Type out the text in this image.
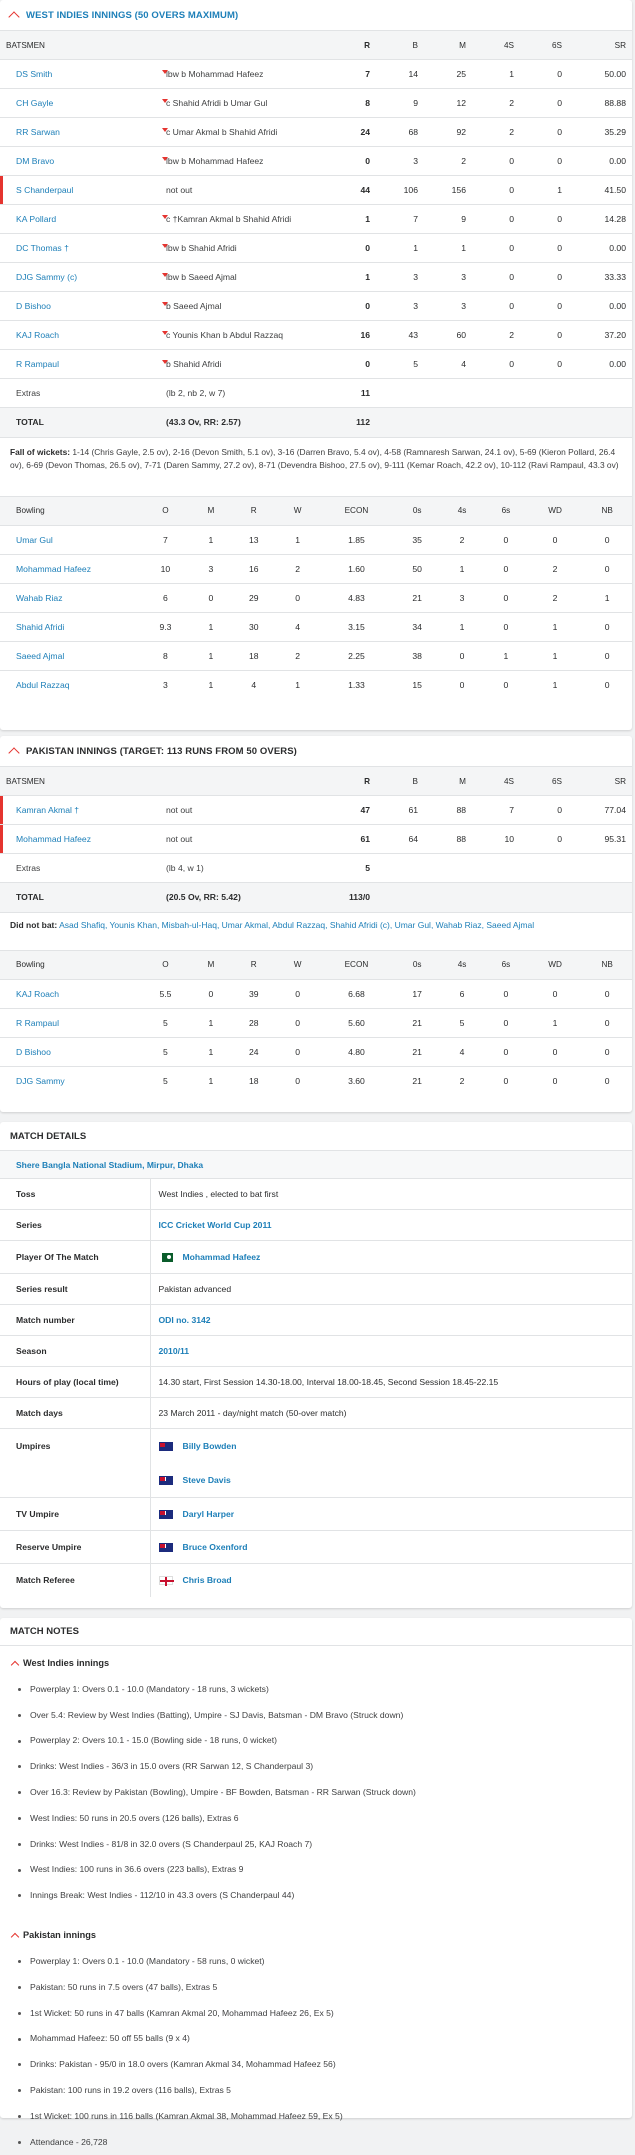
WEST INDIES INNINGS (50 OVERS MAXIMUM)
BATSMEN		R	B	M	4S	6S	SR
DS Smith	lbw b Mohammad Hafeez	7	14	25	1	0	50.00
CH Gayle	c Shahid Afridi b Umar Gul	8	9	12	2	0	88.88
RR Sarwan	c Umar Akmal b Shahid Afridi	24	68	92	2	0	35.29
DM Bravo	lbw b Mohammad Hafeez	0	3	2	0	0	0.00
S Chanderpaul	not out	44	106	156	0	1	41.50
KA Pollard	c †Kamran Akmal b Shahid Afridi	1	7	9	0	0	14.28
DC Thomas †	lbw b Shahid Afridi	0	1	1	0	0	0.00
DJG Sammy (c)	lbw b Saeed Ajmal	1	3	3	0	0	33.33
D Bishoo	b Saeed Ajmal	0	3	3	0	0	0.00
KAJ Roach	c Younis Khan b Abdul Razzaq	16	43	60	2	0	37.20
R Rampaul	b Shahid Afridi	0	5	4	0	0	0.00
Extras	(lb 2, nb 2, w 7)	11					
TOTAL	(43.3 Ov, RR: 2.57)	112					
Fall of wickets: 1-14 (Chris Gayle, 2.5 ov), 2-16 (Devon Smith, 5.1 ov), 3-16 (Darren Bravo, 5.4 ov), 4-58 (Ramnaresh Sarwan, 24.1 ov), 5-69 (Kieron Pollard, 26.4 ov), 6-69 (Devon Thomas, 26.5 ov), 7-71 (Daren Sammy, 27.2 ov), 8-71 (Devendra Bishoo, 27.5 ov), 9-111 (Kemar Roach, 42.2 ov), 10-112 (Ravi Rampaul, 43.3 ov)
Bowling	O	M	R	W	ECON	0s	4s	6s	WD	NB
Umar Gul	7	1	13	1	1.85	35	2	0	0	0
Mohammad Hafeez	10	3	16	2	1.60	50	1	0	2	0
Wahab Riaz	6	0	29	0	4.83	21	3	0	2	1
Shahid Afridi	9.3	1	30	4	3.15	34	1	0	1	0
Saeed Ajmal	8	1	18	2	2.25	38	0	1	1	0
Abdul Razzaq	3	1	4	1	1.33	15	0	0	1	0
PAKISTAN INNINGS (TARGET: 113 RUNS FROM 50 OVERS)
BATSMEN		R	B	M	4S	6S	SR
Kamran Akmal †	not out	47	61	88	7	0	77.04
Mohammad Hafeez	not out	61	64	88	10	0	95.31
Extras	(lb 4, w 1)	5					
TOTAL	(20.5 Ov, RR: 5.42)	113/0					
Did not bat: Asad Shafiq, Younis Khan, Misbah-ul-Haq, Umar Akmal, Abdul Razzaq, Shahid Afridi (c), Umar Gul, Wahab Riaz, Saeed Ajmal
Bowling	O	M	R	W	ECON	0s	4s	6s	WD	NB
KAJ Roach	5.5	0	39	0	6.68	17	6	0	0	0
R Rampaul	5	1	28	0	5.60	21	5	0	1	0
D Bishoo	5	1	24	0	4.80	21	4	0	0	0
DJG Sammy	5	1	18	0	3.60	21	2	0	0	0
MATCH DETAILS
Shere Bangla National Stadium, Mirpur, Dhaka
Toss	West Indies , elected to bat first
Series	ICC Cricket World Cup 2011
Player Of The Match	Mohammad Hafeez
Series result	Pakistan advanced
Match number	ODI no. 3142
Season	2010/11
Hours of play (local time)	14.30 start, First Session 14.30-18.00, Interval 18.00-18.45, Second Session 18.45-22.15
Match days	23 March 2011 - day/night match (50-over match)
Umpires	Billy Bowden
Steve Davis

TV Umpire	Daryl Harper
Reserve Umpire	Bruce Oxenford
Match Referee	Chris Broad
MATCH NOTES
West Indies innings
Powerplay 1: Overs 0.1 - 10.0 (Mandatory - 18 runs, 3 wickets)
Over 5.4: Review by West Indies (Batting), Umpire - SJ Davis, Batsman - DM Bravo (Struck down)
Powerplay 2: Overs 10.1 - 15.0 (Bowling side - 18 runs, 0 wicket)
Drinks: West Indies - 36/3 in 15.0 overs (RR Sarwan 12, S Chanderpaul 3)
Over 16.3: Review by Pakistan (Bowling), Umpire - BF Bowden, Batsman - RR Sarwan (Struck down)
West Indies: 50 runs in 20.5 overs (126 balls), Extras 6
Drinks: West Indies - 81/8 in 32.0 overs (S Chanderpaul 25, KAJ Roach 7)
West Indies: 100 runs in 36.6 overs (223 balls), Extras 9
Innings Break: West Indies - 112/10 in 43.3 overs (S Chanderpaul 44)
Pakistan innings
Powerplay 1: Overs 0.1 - 10.0 (Mandatory - 58 runs, 0 wicket)
Pakistan: 50 runs in 7.5 overs (47 balls), Extras 5
1st Wicket: 50 runs in 47 balls (Kamran Akmal 20, Mohammad Hafeez 26, Ex 5)
Mohammad Hafeez: 50 off 55 balls (9 x 4)
Drinks: Pakistan - 95/0 in 18.0 overs (Kamran Akmal 34, Mohammad Hafeez 56)
Pakistan: 100 runs in 19.2 overs (116 balls), Extras 5
1st Wicket: 100 runs in 116 balls (Kamran Akmal 38, Mohammad Hafeez 59, Ex 5)
Attendance - 26,728
